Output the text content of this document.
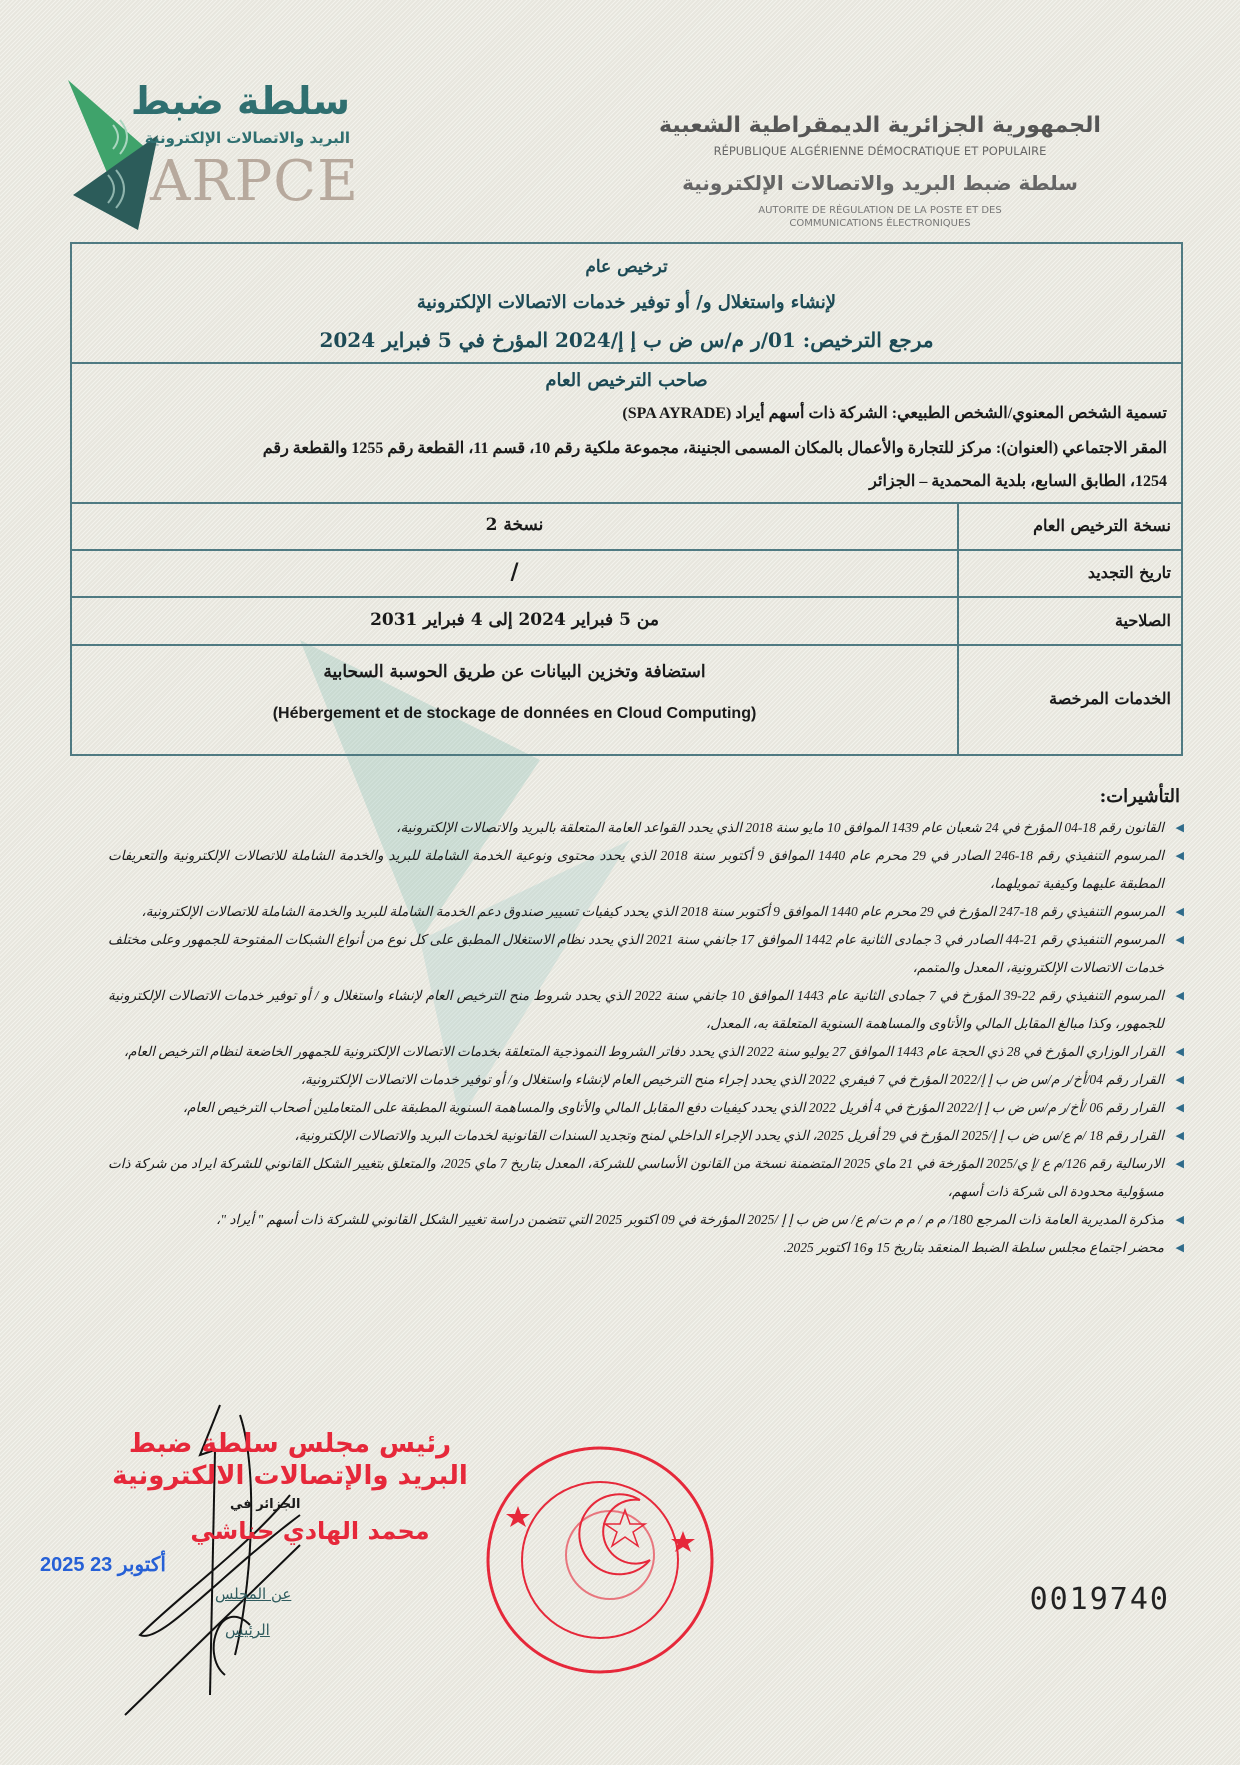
سلطة ضبط
البريد والاتصالات الإلكترونية
ARPCE
الجمهورية الجزائرية الديمقراطية الشعبية
RÉPUBLIQUE ALGÉRIENNE DÉMOCRATIQUE ET POPULAIRE
سلطة ضبط البريد والاتصالات الإلكترونية
AUTORITE DE RÉGULATION DE LA POSTE ET DES
COMMUNICATIONS ÉLECTRONIQUES
ترخيص عام
لإنشاء واستغلال و/ أو توفير خدمات الاتصالات الإلكترونية
مرجع الترخيص: 01/ر م/س ض ب إ إ/2024 المؤرخ في 5 فبراير 2024
صاحب الترخيص العام
تسمية الشخص المعنوي/الشخص الطبيعي: الشركة ذات أسهم أيراد (SPA AYRADE)
المقر الاجتماعي (العنوان): مركز للتجارة والأعمال بالمكان المسمى الجنينة، مجموعة ملكية رقم 10، قسم 11، القطعة رقم 1255 والقطعة رقم
1254، الطابق السابع، بلدية المحمدية – الجزائر
نسخة الترخيص العام
نسخة 2
تاريخ التجديد
/
الصلاحية
من 5 فبراير 2024 إلى 4 فبراير 2031
الخدمات المرخصة
استضافة وتخزين البيانات عن طريق الحوسبة السحابية
(Hébergement et de stockage de données en Cloud Computing)
التأشيرات:
◀
القانون رقم 18-04 المؤرخ في 24 شعبان عام 1439 الموافق 10 مايو سنة 2018 الذي يحدد القواعد العامة المتعلقة بالبريد والاتصالات الإلكترونية،
◀
المرسوم التنفيذي رقم 18-246 الصادر في 29 محرم عام 1440 الموافق 9 أكتوبر سنة 2018 الذي يحدد محتوى ونوعية الخدمة الشاملة للبريد والخدمة الشاملة للاتصالات الإلكترونية والتعريفات المطبقة عليهما وكيفية تمويلهما،
◀
المرسوم التنفيذي رقم 18-247 المؤرخ في 29 محرم عام 1440 الموافق 9 أكتوبر سنة 2018 الذي يحدد كيفيات تسيير صندوق دعم الخدمة الشاملة للبريد والخدمة الشاملة للاتصالات الإلكترونية،
◀
المرسوم التنفيذي رقم 21-44 الصادر في 3 جمادى الثانية عام 1442 الموافق 17 جانفي سنة 2021 الذي يحدد نظام الاستغلال المطبق على كل نوع من أنواع الشبكات المفتوحة للجمهور وعلى مختلف خدمات الاتصالات الإلكترونية، المعدل والمتمم،
◀
المرسوم التنفيذي رقم 22-39 المؤرخ في 7 جمادى الثانية عام 1443 الموافق 10 جانفي سنة 2022 الذي يحدد شروط منح الترخيص العام لإنشاء واستغلال و / أو توفير خدمات الاتصالات الإلكترونية للجمهور، وكذا مبالغ المقابل المالي والأتاوى والمساهمة السنوية المتعلقة به، المعدل،
◀
القرار الوزاري المؤرخ في 28 ذي الحجة عام 1443 الموافق 27 يوليو سنة 2022 الذي يحدد دفاتر الشروط النموذجية المتعلقة بخدمات الاتصالات الإلكترونية للجمهور الخاضعة لنظام الترخيص العام،
◀
القرار رقم 04/أخ/ر م/س ض ب إ إ/2022 المؤرخ في 7 فيفري 2022 الذي يحدد إجراء منح الترخيص العام لإنشاء واستغلال و/ أو توفير خدمات الاتصالات الإلكترونية،
◀
القرار رقم 06 /أخ/ر م/س ض ب إ إ/2022 المؤرخ في 4 أفريل 2022 الذي يحدد كيفيات دفع المقابل المالي والأتاوى والمساهمة السنوية المطبقة على المتعاملين أصحاب الترخيص العام،
◀
القرار رقم 18 /م ع/س ض ب إ إ/2025 المؤرخ في 29 أفريل 2025، الذي يحدد الإجراء الداخلي لمنح وتجديد السندات القانونية لخدمات البريد والاتصالات الإلكترونية،
◀
الارسالية رقم 126/م ع /إ ي/2025 المؤرخة في 21 ماي 2025 المتضمنة نسخة من القانون الأساسي للشركة، المعدل بتاريخ 7 ماي 2025، والمتعلق بتغيير الشكل القانوني للشركة ايراد من شركة ذات مسؤولية محدودة الى شركة ذات أسهم،
◀
مذكرة المديرية العامة ذات المرجع 180/ م م / م م ت/م ع/ س ض ب إ إ /2025 المؤرخة في 09 اكتوبر 2025 التي تتضمن دراسة تغيير الشكل القانوني للشركة ذات أسهم " أيراد "،
◀
محضر اجتماع مجلس سلطة الضبط المنعقد بتاريخ 15 و16 اكتوبر 2025.
رئيس مجلس سلطة ضبط البريد والإتصالات الالكترونية
الجزائر في
محمد الهادي حناشي
2025 أكتوبر 23
عن المجلس
الرئيس
0019740
